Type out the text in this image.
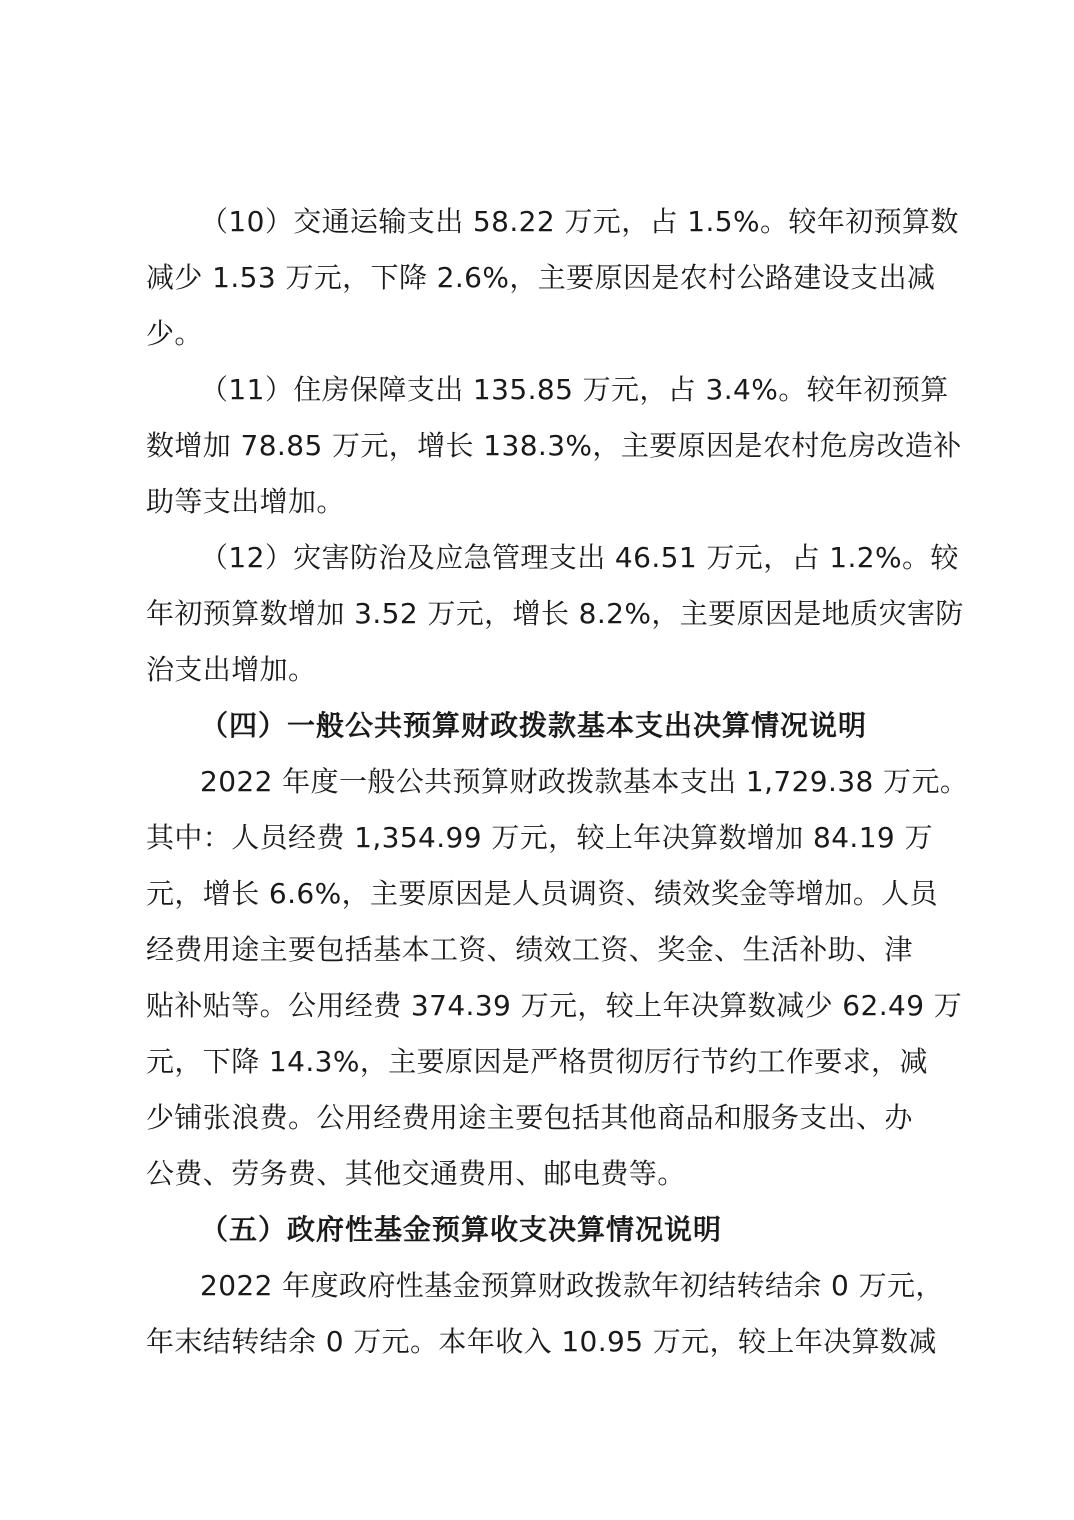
（10）交通运输支出 58.22 万元，占 1.5%。较年初预算数
减少 1.53 万元，下降 2.6%，主要原因是农村公路建设支出减
少。
（11）住房保障支出 135.85 万元，占 3.4%。较年初预算
数增加 78.85 万元，增长 138.3%，主要原因是农村危房改造补
助等支出增加。
（12）灾害防治及应急管理支出 46.51 万元，占 1.2%。较
年初预算数增加 3.52 万元，增长 8.2%，主要原因是地质灾害防
治支出增加。
（四）一般公共预算财政拨款基本支出决算情况说明
2022 年度一般公共预算财政拨款基本支出 1,729.38 万元。
其中：人员经费 1,354.99 万元，较上年决算数增加 84.19 万
元，增长 6.6%，主要原因是人员调资、绩效奖金等增加。人员
经费用途主要包括基本工资、绩效工资、奖金、生活补助、津
贴补贴等。公用经费 374.39 万元，较上年决算数减少 62.49 万
元，下降 14.3%，主要原因是严格贯彻厉行节约工作要求，减
少铺张浪费。公用经费用途主要包括其他商品和服务支出、办
公费、劳务费、其他交通费用、邮电费等。
（五）政府性基金预算收支决算情况说明
2022 年度政府性基金预算财政拨款年初结转结余 0 万元，
年末结转结余 0 万元。本年收入 10.95 万元，较上年决算数减
